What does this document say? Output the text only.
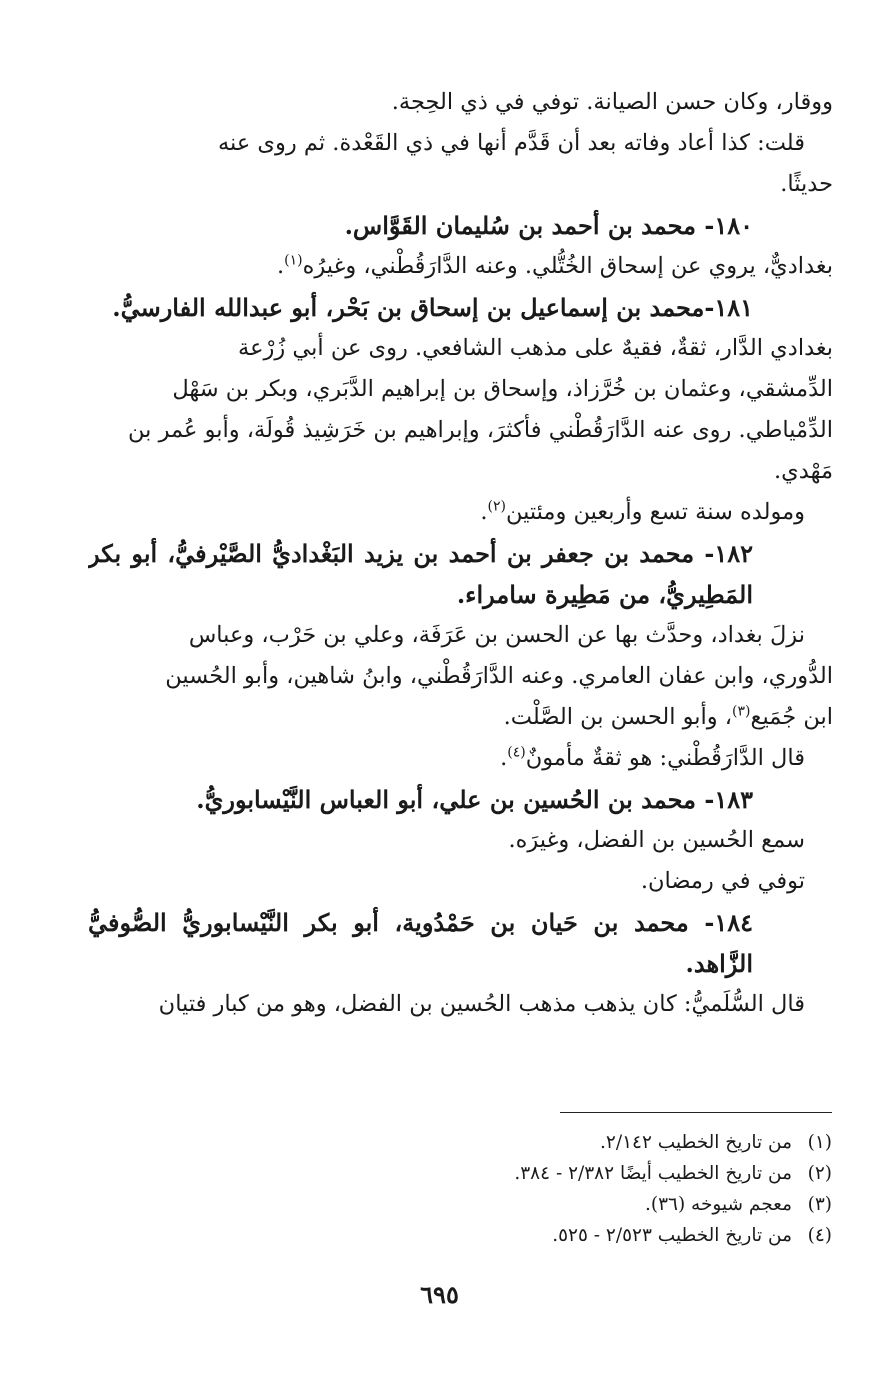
ووقار، وكان حسن الصيانة. توفي في ذي الحِجة.
قلت: كذا أعاد وفاته بعد أن قَدَّم أنها في ذي القَعْدة. ثم روى عنه
حديثًا.
١٨٠- محمد بن أحمد بن سُليمان القَوَّاس.
بغداديٌّ، يروي عن إسحاق الخُتُّلي. وعنه الدَّارَقُطْني، وغيرُه$^{(١)}$.
١٨١-محمد بن إسماعيل بن إسحاق بن بَحْر، أبو عبدالله الفارسيُّ.
بغدادي الدَّار، ثقةٌ، فقيهٌ على مذهب الشافعي. روى عن أبي زُرْعة
الدِّمشقي، وعثمان بن خُرَّزاذ، وإسحاق بن إبراهيم الدَّبَري، وبكر بن سَهْل
الدِّمْياطي. روى عنه الدَّارَقُطْني فأكثرَ، وإبراهيم بن خَرَشِيذ قُولَة، وأبو عُمر بن
مَهْدي.
ومولده سنة تسع وأربعين ومئتين$^{(٢)}$.
١٨٢- محمد بن جعفر بن أحمد بن يزيد البَغْداديُّ الصَّيْرفيُّ، أبو بكر المَطِيريُّ، من مَطِيرة سامراء.
نزلَ بغداد، وحدَّث بها عن الحسن بن عَرَفَة، وعلي بن حَرْب، وعباس
الدُّوري، وابن عفان العامري. وعنه الدَّارَقُطْني، وابنُ شاهين، وأبو الحُسين
ابن جُمَيع$^{(٣)}$، وأبو الحسن بن الصَّلْت.
قال الدَّارَقُطْني: هو ثقةٌ مأمونٌ$^{(٤)}$.
١٨٣- محمد بن الحُسين بن علي، أبو العباس النَّيْسابوريُّ.
سمع الحُسين بن الفضل، وغيرَه.
توفي في رمضان.
١٨٤- محمد بن حَيان بن حَمْدُوية، أبو بكر النَّيْسابوريُّ الصُّوفيُّ الزَّاهد.
قال السُّلَميُّ: كان يذهب مذهب الحُسين بن الفضل، وهو من كبار فتيان
(١)من تاريخ الخطيب ٢/١٤٢.
(٢)من تاريخ الخطيب أيضًا ٢/٣٨٢ - ٣٨٤.
(٣)معجم شيوخه (٣٦).
(٤)من تاريخ الخطيب ٢/٥٢٣ - ٥٢٥.
٦٩٥
